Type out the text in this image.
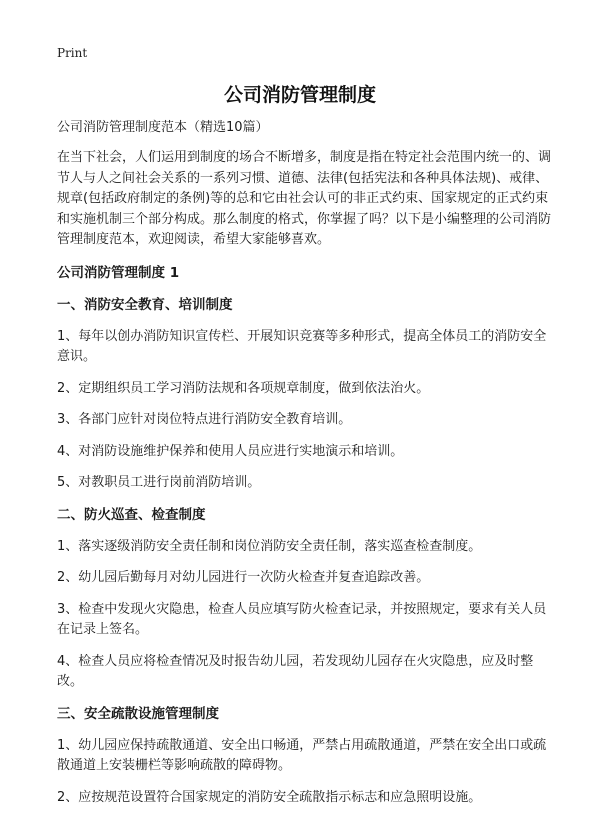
Print
公司消防管理制度

公司消防管理制度范本（精选10篇）

在当下社会，人们运用到制度的场合不断增多，制度是指在特定社会范围内统一的、调节人与人之间社会关系的一系列习惯、道德、法律(包括宪法和各种具体法规)、戒律、规章(包括政府制定的条例)等的总和它由社会认可的非正式约束、国家规定的正式约束和实施机制三个部分构成。那么制度的格式，你掌握了吗？以下是小编整理的公司消防管理制度范本，欢迎阅读，希望大家能够喜欢。

公司消防管理制度 1

一、消防安全教育、培训制度

1、每年以创办消防知识宣传栏、开展知识竞赛等多种形式，提高全体员工的消防安全意识。

2、定期组织员工学习消防法规和各项规章制度，做到依法治火。

3、各部门应针对岗位特点进行消防安全教育培训。

4、对消防设施维护保养和使用人员应进行实地演示和培训。

5、对教职员工进行岗前消防培训。

二、防火巡查、检查制度

1、落实逐级消防安全责任制和岗位消防安全责任制，落实巡查检查制度。

2、幼儿园后勤每月对幼儿园进行一次防火检查并复查追踪改善。

3、检查中发现火灾隐患，检查人员应填写防火检查记录，并按照规定，要求有关人员在记录上签名。

4、检查人员应将检查情况及时报告幼儿园，若发现幼儿园存在火灾隐患，应及时整改。

三、安全疏散设施管理制度

1、幼儿园应保持疏散通道、安全出口畅通，严禁占用疏散通道，严禁在安全出口或疏散通道上安装栅栏等影响疏散的障碍物。

2、应按规范设置符合国家规定的消防安全疏散指示标志和应急照明设施。
